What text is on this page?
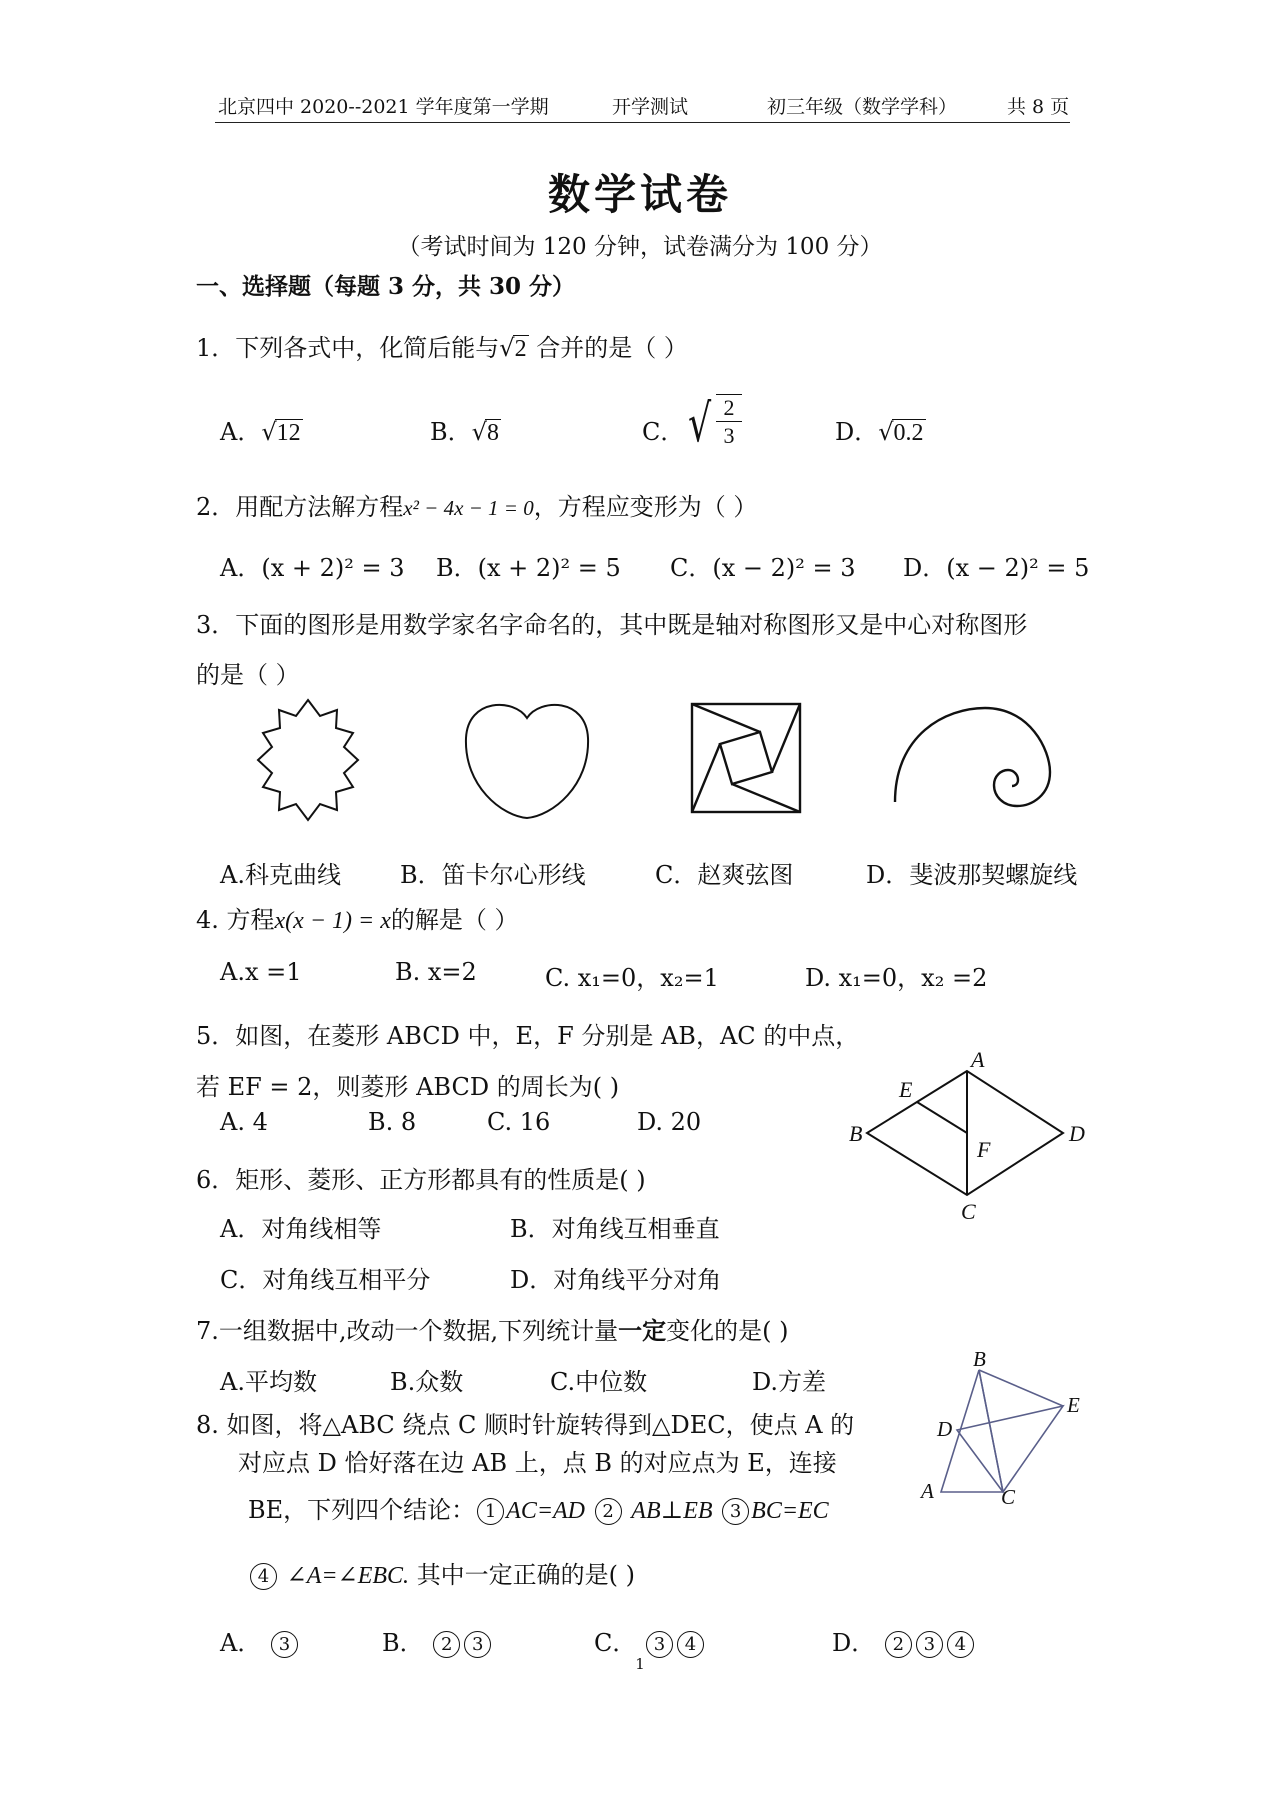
北京四中 2020--2021 学年度第一学期	开学测试	初三年级（数学学科）	共 8 页
数学试卷
（考试时间为 120 分钟，试卷满分为 100 分）
一、选择题（每题 3 分，共 30 分）
1．下列各式中，化简后能与√2 合并的是（ ）
A．√12	B．√8	C． √ $\frac{2}{3}$	D．√0.2
2．用配方法解方程x² − 4x − 1 = 0，方程应变形为（ ）
A．(x + 2)² = 3 B．(x + 2)² = 5 C．(x − 2)² = 3 D．(x − 2)² = 5
3．下面的图形是用数学家名字命名的，其中既是轴对称图形又是中心对称图形
的是（ ）
A.科克曲线 B．笛卡尔心形线	C．赵爽弦图	D．斐波那契螺旋线
4. 方程x(x − 1) = x的解是（ ）
A.x =1	B. x=2	C. x₁=0，x₂=1	D. x₁=0，x₂ =2
5．如图，在菱形 ABCD 中，E，F 分别是 AB，AC 的中点，
若 EF = 2，则菱形 ABCD 的周长为( )
A. 4	B. 8	C. 16	D. 20
A
B
C
D
E
F
6．矩形、菱形、正方形都具有的性质是( )
A．对角线相等	B．对角线互相垂直
C．对角线互相平分	D．对角线平分对角
7.一组数据中,改动一个数据,下列统计量一定变化的是( )
A.平均数	B.众数	C.中位数	D.方差
8. 如图，将△ABC 绕点 C 顺时针旋转得到△DEC，使点 A 的
对应点 D 恰好落在边 AB 上，点 B 的对应点为 E，连接
BE，下列四个结论： 1 AC=AD 2 AB⊥EB 3 BC=EC
4 ∠A=∠EBC. 其中一定正确的是( )
B
E
D
A	C
A． 3	B． 2 3	C． 3 4	D． 2 3 4
1
